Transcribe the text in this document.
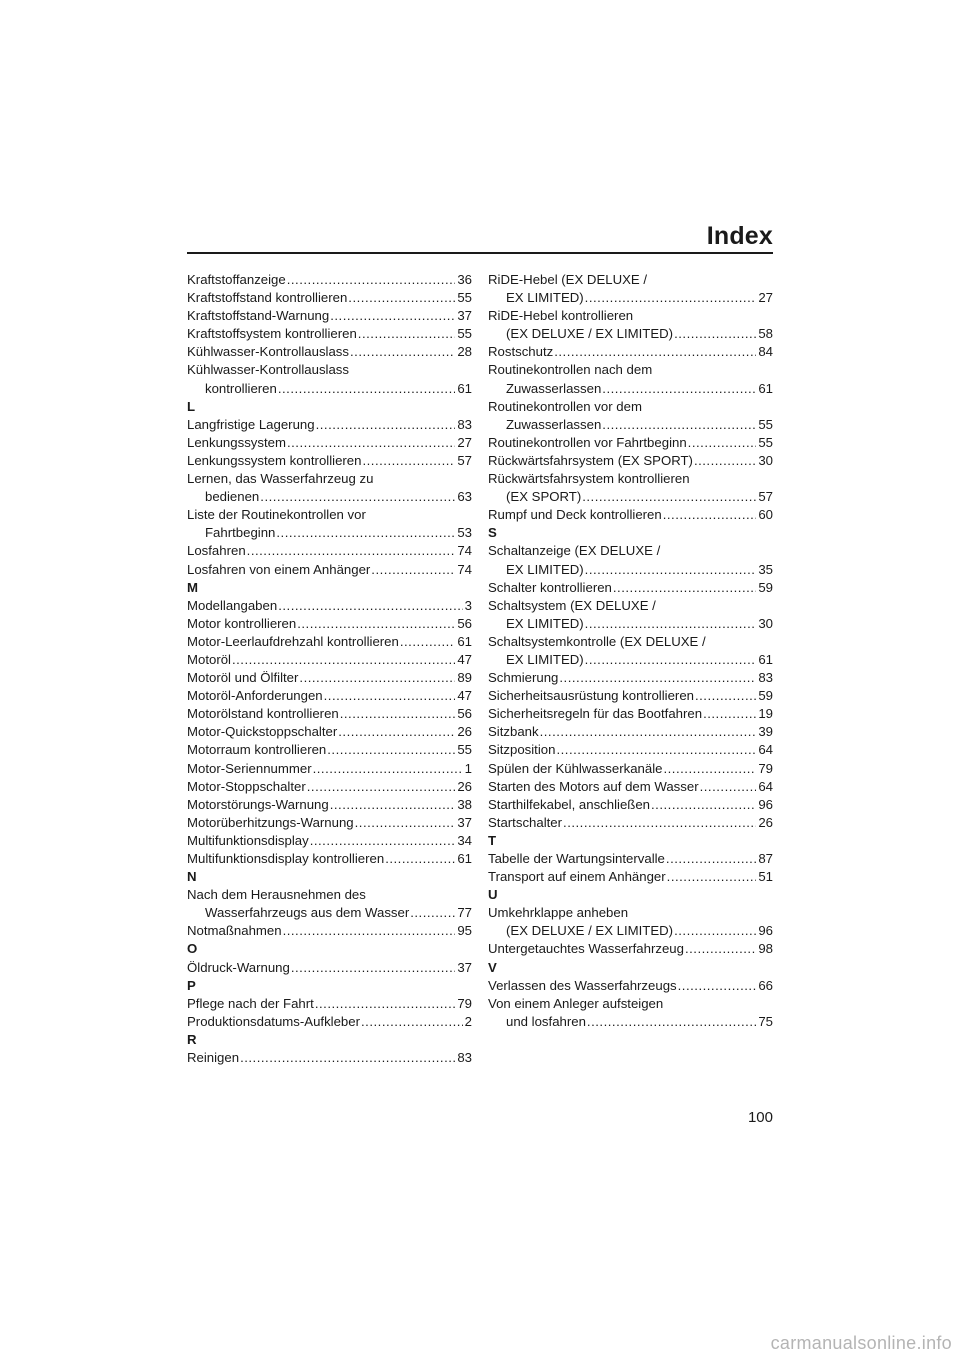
Index
Kraftstoffanzeige .....	36
Kraftstoffstand kontrollieren .....	55
Kraftstoffstand-Warnung .....	37
Kraftstoffsystem kontrollieren .....	55
Kühlwasser-Kontrollauslass .....	28
Kühlwasser-Kontrollauslass
kontrollieren .....	61
L
Langfristige Lagerung .....	83
Lenkungssystem .....	27
Lenkungssystem kontrollieren .....	57
Lernen, das Wasserfahrzeug zu
bedienen .....	63
Liste der Routinekontrollen vor
Fahrtbeginn .....	53
Losfahren .....	74
Losfahren von einem Anhänger .....	74
M
Modellangaben .....	3
Motor kontrollieren .....	56
Motor-Leerlaufdrehzahl kontrollieren .....	61
Motoröl .....	47
Motoröl und Ölfilter .....	89
Motoröl-Anforderungen .....	47
Motorölstand kontrollieren .....	56
Motor-Quickstoppschalter .....	26
Motorraum kontrollieren .....	55
Motor-Seriennummer .....	1
Motor-Stoppschalter .....	26
Motorstörungs-Warnung .....	38
Motorüberhitzungs-Warnung .....	37
Multifunktionsdisplay .....	34
Multifunktionsdisplay kontrollieren .....	61
N
Nach dem Herausnehmen des
Wasserfahrzeugs aus dem Wasser .....	77
Notmaßnahmen .....	95
O
Öldruck-Warnung .....	37
P
Pflege nach der Fahrt .....	79
Produktionsdatums-Aufkleber .....	2
R
Reinigen .....	83
RiDE-Hebel (EX DELUXE /
EX LIMITED) .....	27
RiDE-Hebel kontrollieren
(EX DELUXE / EX LIMITED) .....	58
Rostschutz .....	84
Routinekontrollen nach dem
Zuwasserlassen .....	61
Routinekontrollen vor dem
Zuwasserlassen .....	55
Routinekontrollen vor Fahrtbeginn .....	55
Rückwärtsfahrsystem (EX SPORT) .....	30
Rückwärtsfahrsystem kontrollieren
(EX SPORT) .....	57
Rumpf und Deck kontrollieren .....	60
S
Schaltanzeige (EX DELUXE /
EX LIMITED) .....	35
Schalter kontrollieren .....	59
Schaltsystem (EX DELUXE /
EX LIMITED) .....	30
Schaltsystemkontrolle (EX DELUXE /
EX LIMITED) .....	61
Schmierung .....	83
Sicherheitsausrüstung kontrollieren .....	59
Sicherheitsregeln für das Bootfahren .....	19
Sitzbank .....	39
Sitzposition .....	64
Spülen der Kühlwasserkanäle .....	79
Starten des Motors auf dem Wasser .....	64
Starthilfekabel, anschließen .....	96
Startschalter .....	26
T
Tabelle der Wartungsintervalle .....	87
Transport auf einem Anhänger .....	51
U
Umkehrklappe anheben
(EX DELUXE / EX LIMITED) .....	96
Untergetauchtes Wasserfahrzeug .....	98
V
Verlassen des Wasserfahrzeugs .....	66
Von einem Anleger aufsteigen
und losfahren .....	75
100
carmanualsonline.info
